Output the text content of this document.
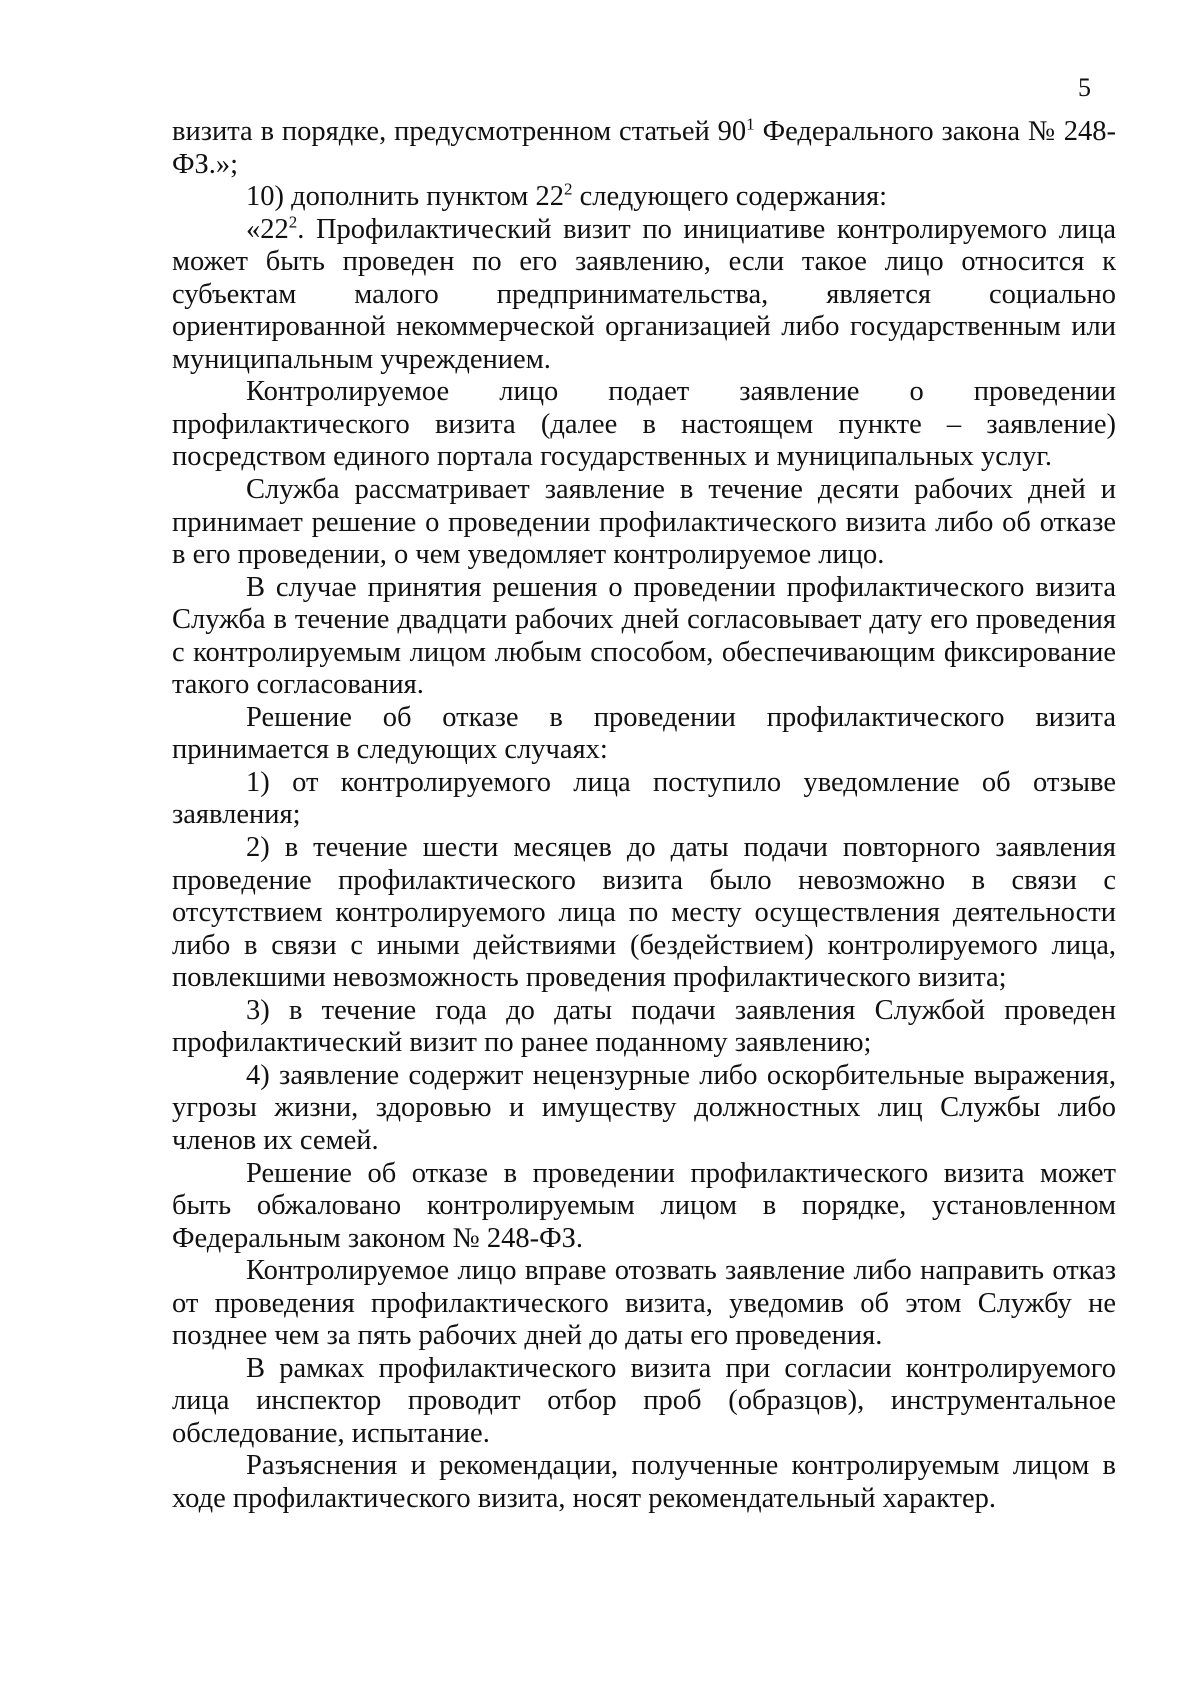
5

визита в порядке, предусмотренном статьей $90^1$ Федерального закона № 248-ФЗ.»;

10) дополнить пунктом $22^2$ следующего содержания:

«$22^2$. Профилактический визит по инициативе контролируемого лица может быть проведен по его заявлению, если такое лицо относится к субъектам малого предпринимательства, является социально ориентированной некоммерческой организацией либо государственным или муниципальным учреждением.

Контролируемое лицо подает заявление о проведении профилактического визита (далее в настоящем пункте – заявление) посредством единого портала государственных и муниципальных услуг.

Служба рассматривает заявление в течение десяти рабочих дней и принимает решение о проведении профилактического визита либо об отказе в его проведении, о чем уведомляет контролируемое лицо.

В случае принятия решения о проведении профилактического визита Служба в течение двадцати рабочих дней согласовывает дату его проведения с контролируемым лицом любым способом, обеспечивающим фиксирование такого согласования.

Решение об отказе в проведении профилактического визита принимается в следующих случаях:

1) от контролируемого лица поступило уведомление об отзыве заявления;

2) в течение шести месяцев до даты подачи повторного заявления проведение профилактического визита было невозможно в связи с отсутствием контролируемого лица по месту осуществления деятельности либо в связи с иными действиями (бездействием) контролируемого лица, повлекшими невозможность проведения профилактического визита;

3) в течение года до даты подачи заявления Службой проведен профилактический визит по ранее поданному заявлению;

4) заявление содержит нецензурные либо оскорбительные выражения, угрозы жизни, здоровью и имуществу должностных лиц Службы либо членов их семей.

Решение об отказе в проведении профилактического визита может быть обжаловано контролируемым лицом в порядке, установленном Федеральным законом № 248-ФЗ.

Контролируемое лицо вправе отозвать заявление либо направить отказ от проведения профилактического визита, уведомив об этом Службу не позднее чем за пять рабочих дней до даты его проведения.

В рамках профилактического визита при согласии контролируемого лица инспектор проводит отбор проб (образцов), инструментальное обследование, испытание.

Разъяснения и рекомендации, полученные контролируемым лицом в ходе профилактического визита, носят рекомендательный характер.
